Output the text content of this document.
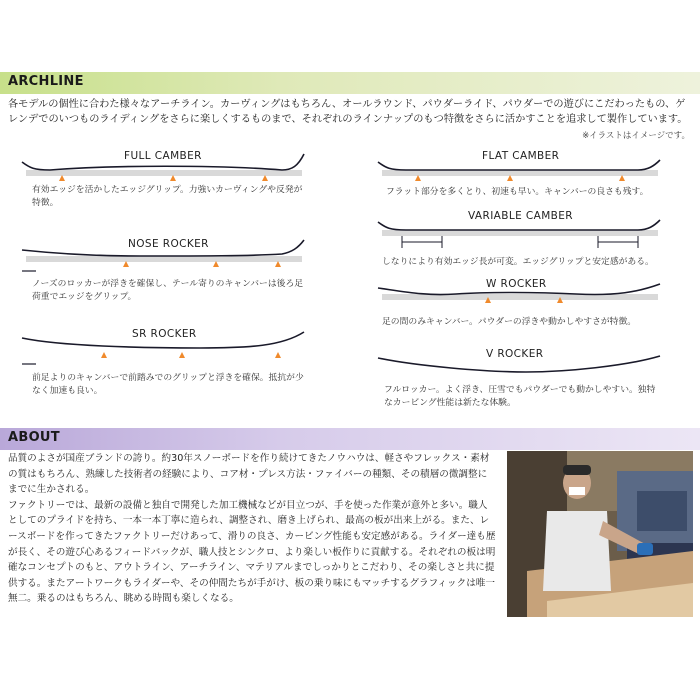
ARCHLINE
各モデルの個性に合わた様々なアーチライン。カーヴィングはもちろん、オールラウンド、パウダーライド、パウダーでの遊びにこだわったもの、ゲレンデでのいつものライディングをさらに楽しくするものまで、それぞれのラインナップのもつ特徴をさらに活かすことを追求して製作しています。
※イラストはイメージです。
FULL CAMBER
有効エッジを活かしたエッジグリップ。力強いカーヴィングや反発が特徴。
NOSE ROCKER
ノーズのロッカーが浮きを確保し、テール寄りのキャンバーは後ろ足荷重でエッジをグリップ。
SR ROCKER
前足よりのキャンバーで前踏みでのグリップと浮きを確保。抵抗が少なく加速も良い。
FLAT CAMBER
フラット部分を多くとり、初速も早い。キャンバーの良さも残す。
VARIABLE CAMBER
しなりにより有効エッジ長が可変。エッジグリップと安定感がある。
W ROCKER
足の間のみキャンバー。パウダーの浮きや動かしやすさが特徴。
V ROCKER
フルロッカー。よく浮き、圧雪でもパウダーでも動かしやすい。独特なカービング性能は新たな体験。
ABOUT
品質のよさが国産ブランドの誇り。約30年スノーボードを作り続けてきたノウハウは、軽さやフレックス・素材の質はもちろん、熟練した技術者の経験により、コア材・プレス方法・ファイバーの種類、その積層の微調整にまでに生かされる。
ファクトリーでは、最新の設備と独自で開発した加工機械などが目立つが、手を使った作業が意外と多い。職人としてのプライドを持ち、一本一本丁寧に造られ、調整され、磨き上げられ、最高の板が出来上がる。また、レースボードを作ってきたファクトリーだけあって、滑りの良さ、カービング性能も安定感がある。ライダー達も歴が長く、その遊び心あるフィードバックが、職人技とシンクロ、より楽しい板作りに貢献する。それぞれの板は明確なコンセプトのもと、アウトライン、アーチライン、マテリアルまでしっかりとこだわり、その楽しさと共に提供する。またアートワークもライダーや、その仲間たちが手がけ、板の乗り味にもマッチするグラフィックは唯一無二。乗るのはもちろん、眺める時間も楽しくなる。
